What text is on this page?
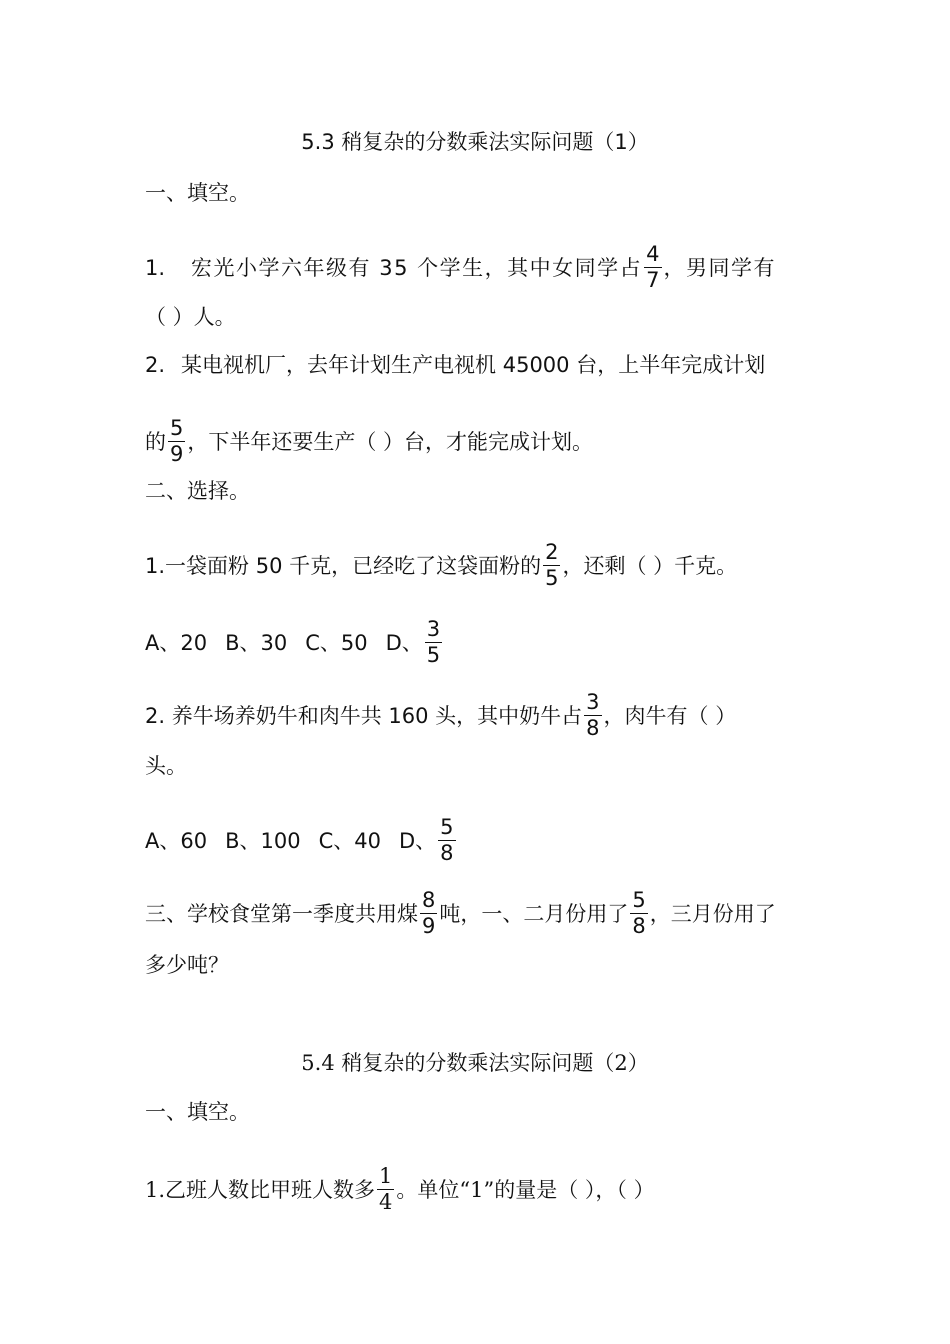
5.3 稍复杂的分数乘法实际问题（1）
一、填空。
1. 宏光小学六年级有 35 个学生，其中女同学占 $\frac{4}{7}$ ，男同学有
（ ）人。
2. 某电视机厂，去年计划生产电视机 45000 台，上半年完成计划
的 $\frac{5}{9}$ ，下半年还要生产（ ）台，才能完成计划。
二、选择。
1.一袋面粉 50 千克，已经吃了这袋面粉的 $\frac{2}{5}$ ，还剩（ ）千克。
A、20 B、30 C、50 D、 $\frac{3}{5}$
2. 养牛场养奶牛和肉牛共 160 头，其中奶牛占 $\frac{3}{8}$ ，肉牛有（ ）
头。
A、60 B、100 C、40 D、 $\frac{5}{8}$
三、学校食堂第一季度共用煤 $\frac{8}{9}$ 吨，一、二月份用了 $\frac{5}{8}$ ，三月份用了
多少吨？
5.4 稍复杂的分数乘法实际问题（2）
一、填空。
1.乙班人数比甲班人数多 $\frac{1}{4}$ 。单位“1”的量是（ ），（ ）
